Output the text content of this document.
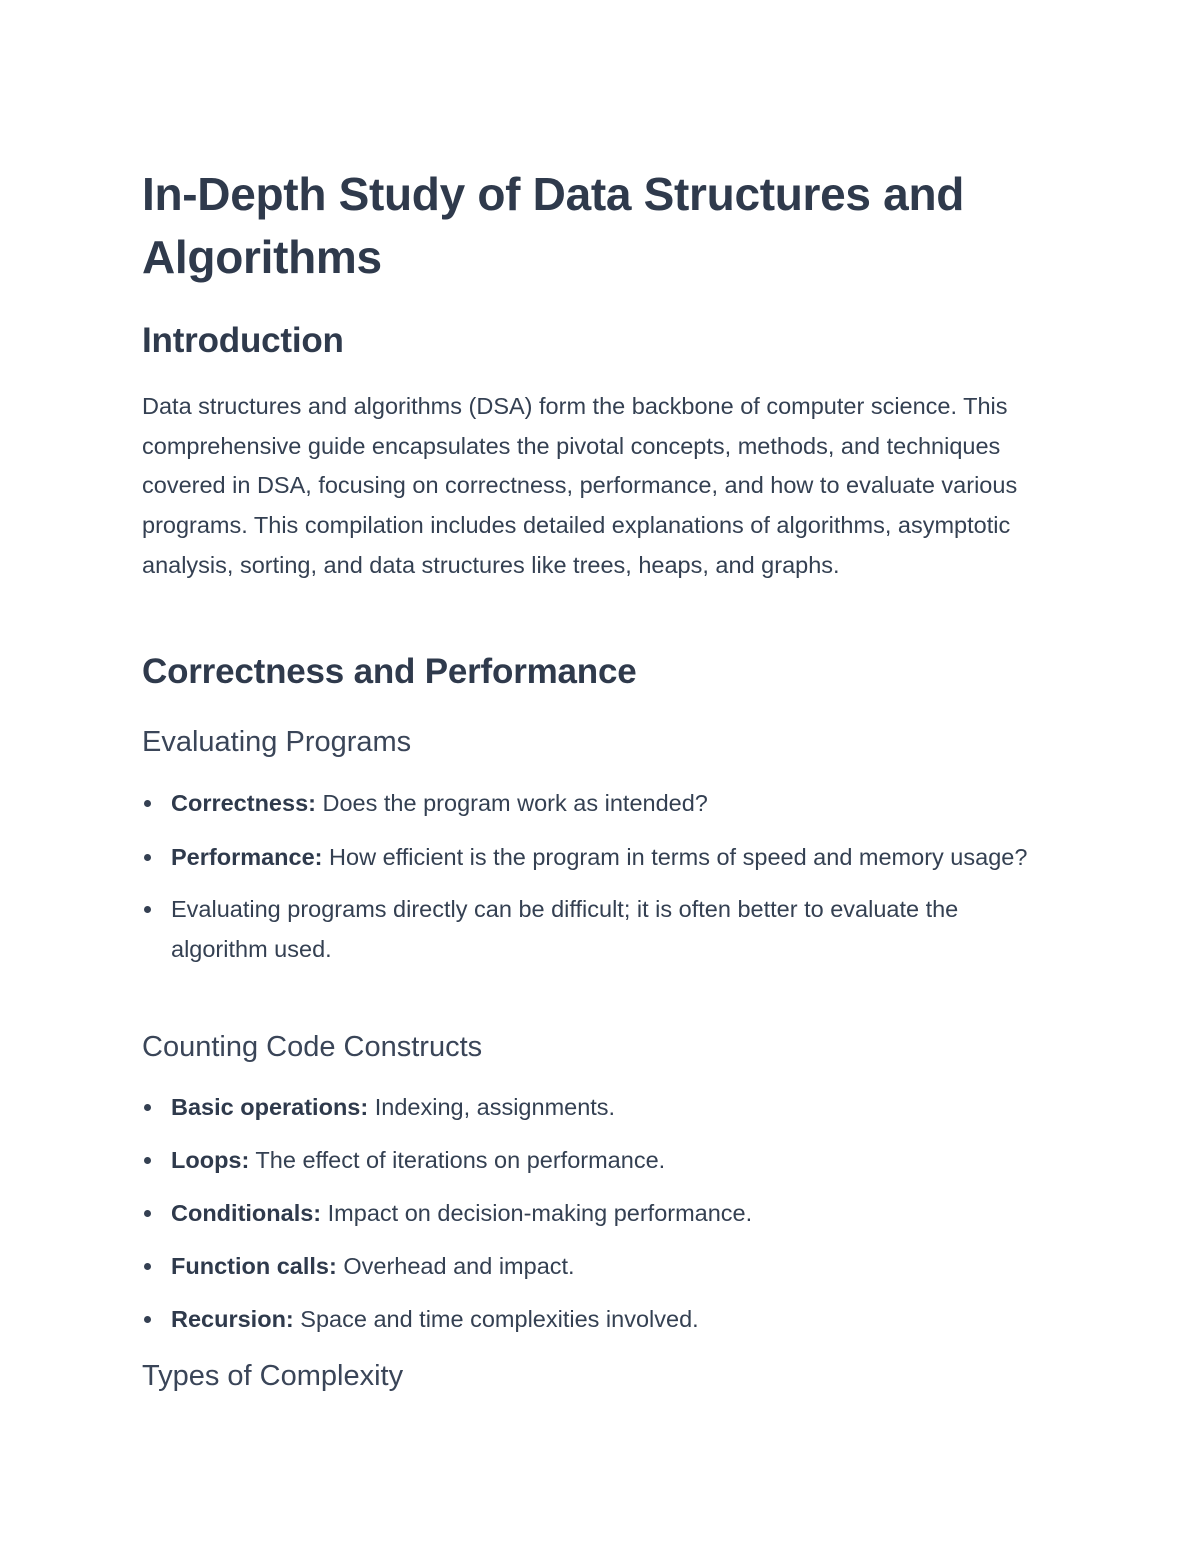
In-Depth Study of Data Structures and Algorithms
Introduction

Data structures and algorithms (DSA) form the backbone of computer science. This comprehensive guide encapsulates the pivotal concepts, methods, and techniques covered in DSA, focusing on correctness, performance, and how to evaluate various programs. This compilation includes detailed explanations of algorithms, asymptotic analysis, sorting, and data structures like trees, heaps, and graphs.

Correctness and Performance
Evaluating Programs
Correctness: Does the program work as intended?
Performance: How efficient is the program in terms of speed and memory usage?
Evaluating programs directly can be difficult; it is often better to evaluate the algorithm used.
Counting Code Constructs
Basic operations: Indexing, assignments.
Loops: The effect of iterations on performance.
Conditionals: Impact on decision-making performance.
Function calls: Overhead and impact.
Recursion: Space and time complexities involved.
Types of Complexity
